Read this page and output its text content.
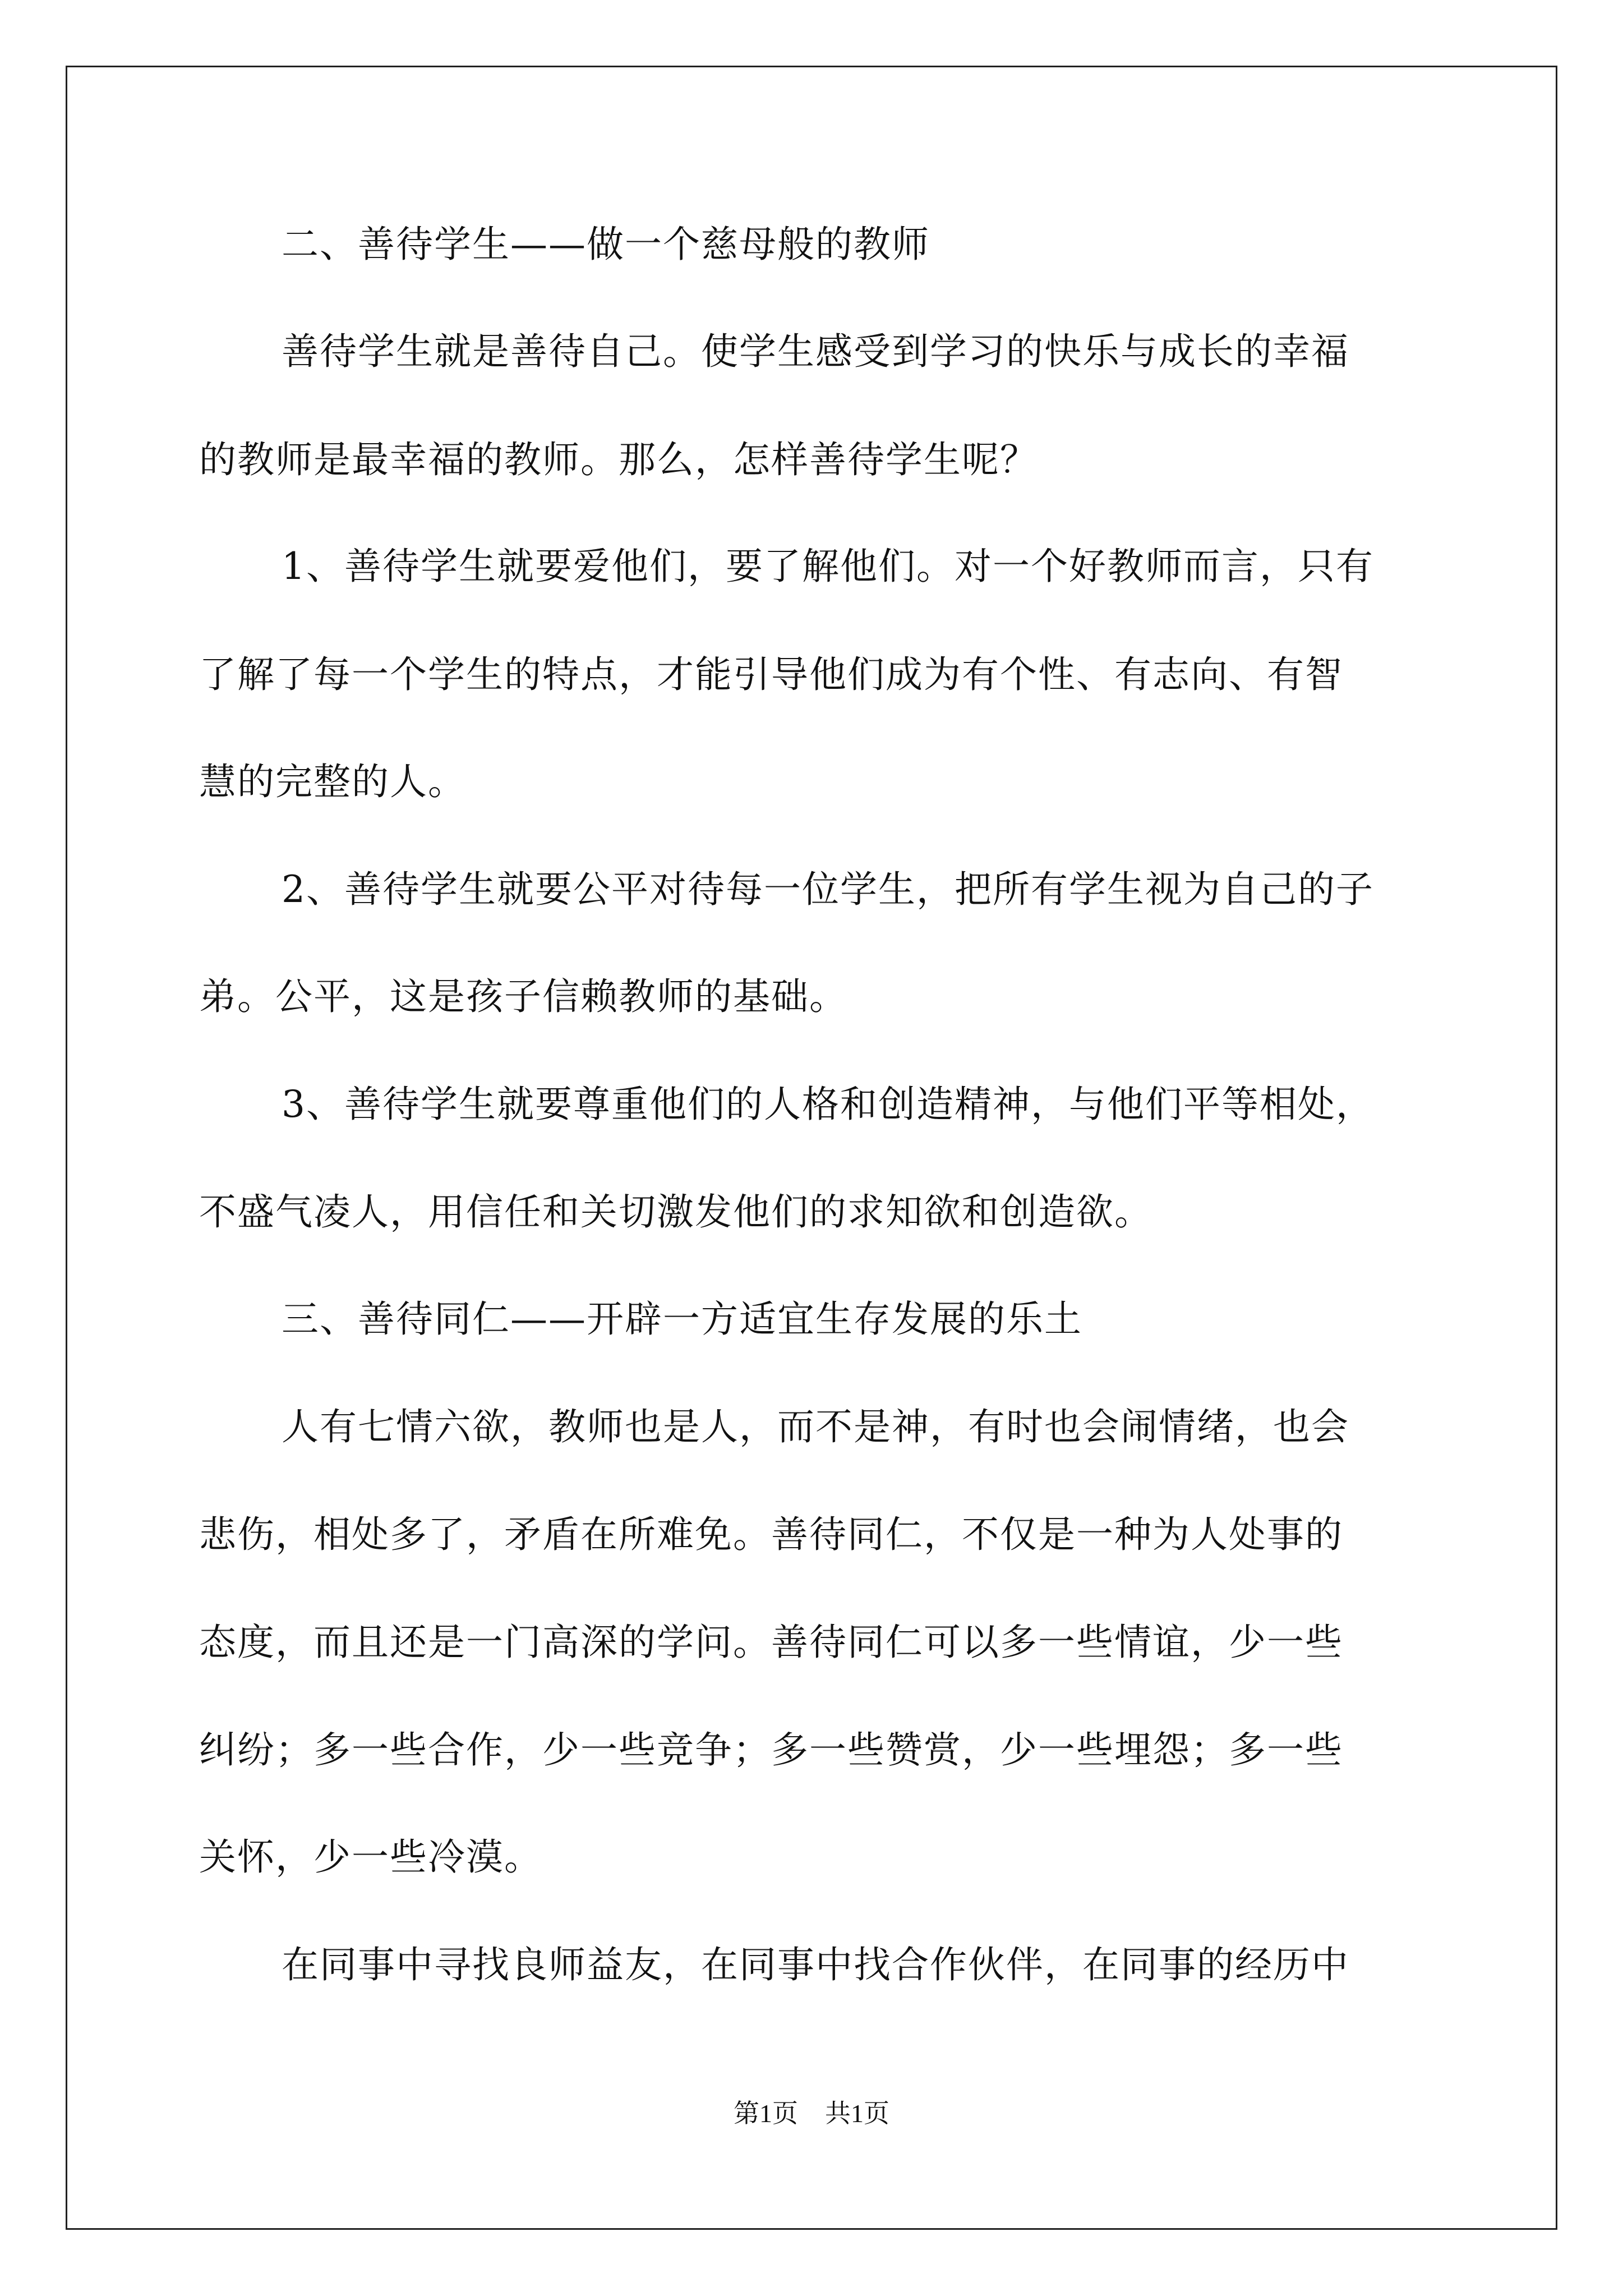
二、善待学生——做一个慈母般的教师
善待学生就是善待自己。使学生感受到学习的快乐与成长的幸福
的教师是最幸福的教师。那么，怎样善待学生呢？
1、善待学生就要爱他们，要了解他们。对一个好教师而言，只有
了解了每一个学生的特点，才能引导他们成为有个性、有志向、有智
慧的完整的人。
2、善待学生就要公平对待每一位学生，把所有学生视为自己的子
弟。公平，这是孩子信赖教师的基础。
3、善待学生就要尊重他们的人格和创造精神，与他们平等相处，
不盛气凌人，用信任和关切激发他们的求知欲和创造欲。
三、善待同仁——开辟一方适宜生存发展的乐土
人有七情六欲，教师也是人，而不是神，有时也会闹情绪，也会
悲伤，相处多了，矛盾在所难免。善待同仁，不仅是一种为人处事的
态度，而且还是一门高深的学问。善待同仁可以多一些情谊，少一些
纠纷；多一些合作，少一些竞争；多一些赞赏，少一些埋怨；多一些
关怀，少一些冷漠。
在同事中寻找良师益友，在同事中找合作伙伴，在同事的经历中
第1页 共1页
